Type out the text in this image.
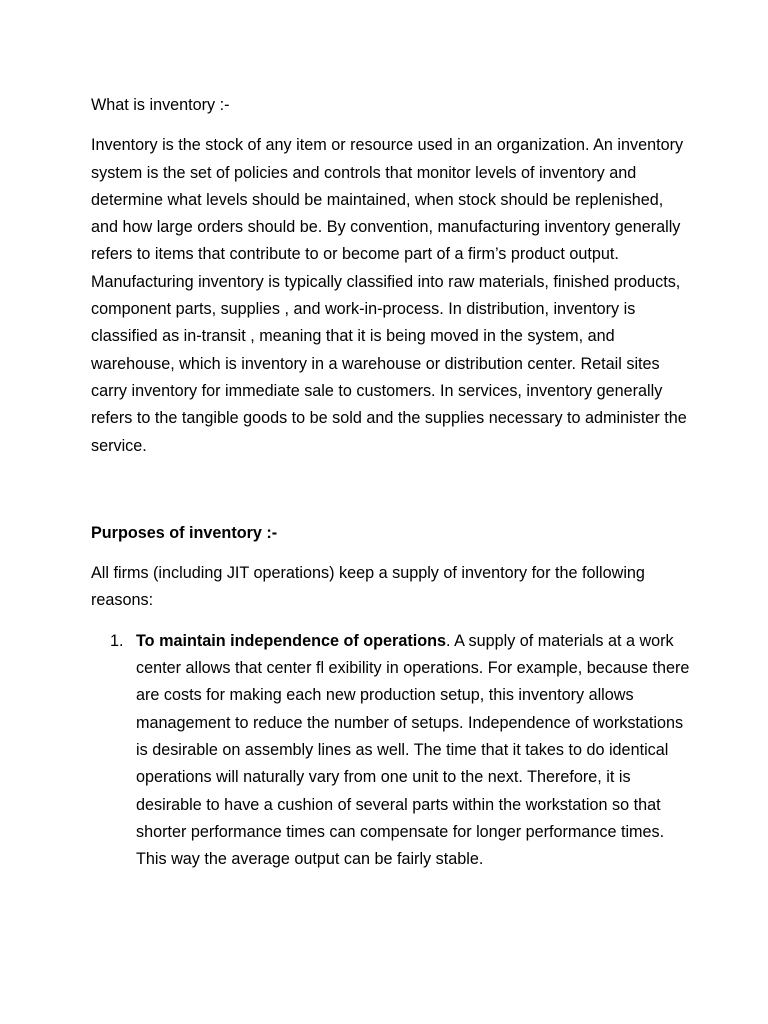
What is inventory :-

Inventory is the stock of any item or resource used in an organization. An inventory system is the set of policies and controls that monitor levels of inventory and determine what levels should be maintained, when stock should be replenished, and how large orders should be. By convention, manufacturing inventory generally refers to items that contribute to or become part of a firm’s product output. Manufacturing inventory is typically classified into raw materials, finished products, component parts, supplies , and work-in-process. In distribution, inventory is classified as in-transit , meaning that it is being moved in the system, and warehouse, which is inventory in a warehouse or distribution center. Retail sites carry inventory for immediate sale to customers. In services, inventory generally refers to the tangible goods to be sold and the supplies necessary to administer the service.

Purposes of inventory :-

All firms (including JIT operations) keep a supply of inventory for the following reasons:

1. To maintain independence of operations. A supply of materials at a work center allows that center fl exibility in operations. For example, because there are costs for making each new production setup, this inventory allows management to reduce the number of setups. Independence of workstations is desirable on assembly lines as well. The time that it takes to do identical operations will naturally vary from one unit to the next. Therefore, it is desirable to have a cushion of several parts within the workstation so that shorter performance times can compensate for longer performance times. This way the average output can be fairly stable.
